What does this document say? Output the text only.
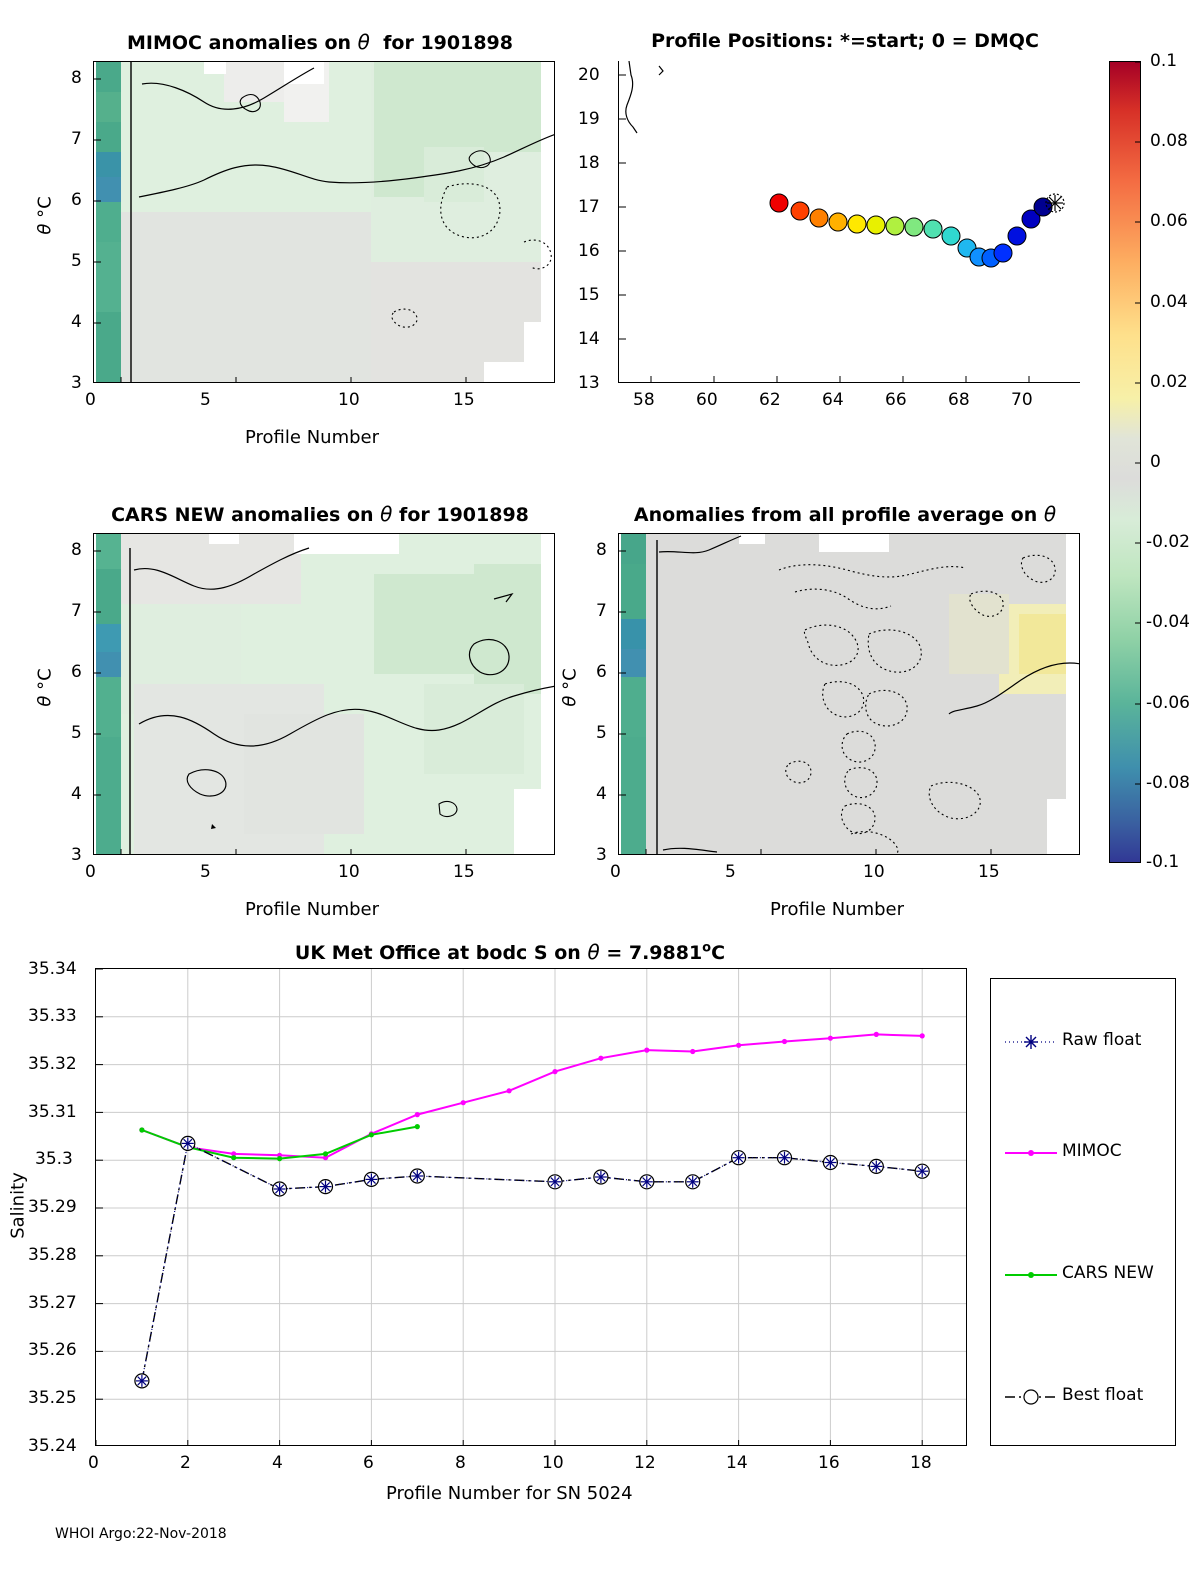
MIMOC anomalies on θ for 1901898
0	5	10	15
3
4
5
6
7
8
Profile Number
θ °C
Profile Positions: *=start; 0 = DMQC
58 60 62 64 66 68 70
13
14
15
16
17
18
19
20
0.1
0.08
0.06
0.04
0.02
0
-0.02
-0.04
-0.06
-0.08
-0.1
CARS NEW anomalies on θ for 1901898
0	5	10	15
3
4
5
6
7
8
Profile Number
θ °C
Anomalies from all profile average on θ
0	5	10	15
3
4
5
6
7
8
Profile Number
θ °C
UK Met Office at bodc S on $\theta = 7.9881^oC$
0	2	4	6	8	10	12	14	16	18
35.24
35.25
35.26
35.27
35.28
35.29
35.3
35.31
35.32
35.33
35.34
Profile Number for SN 5024
Salinity
Raw float
MIMOC
CARS NEW
Best float
WHOI Argo:22-Nov-2018
